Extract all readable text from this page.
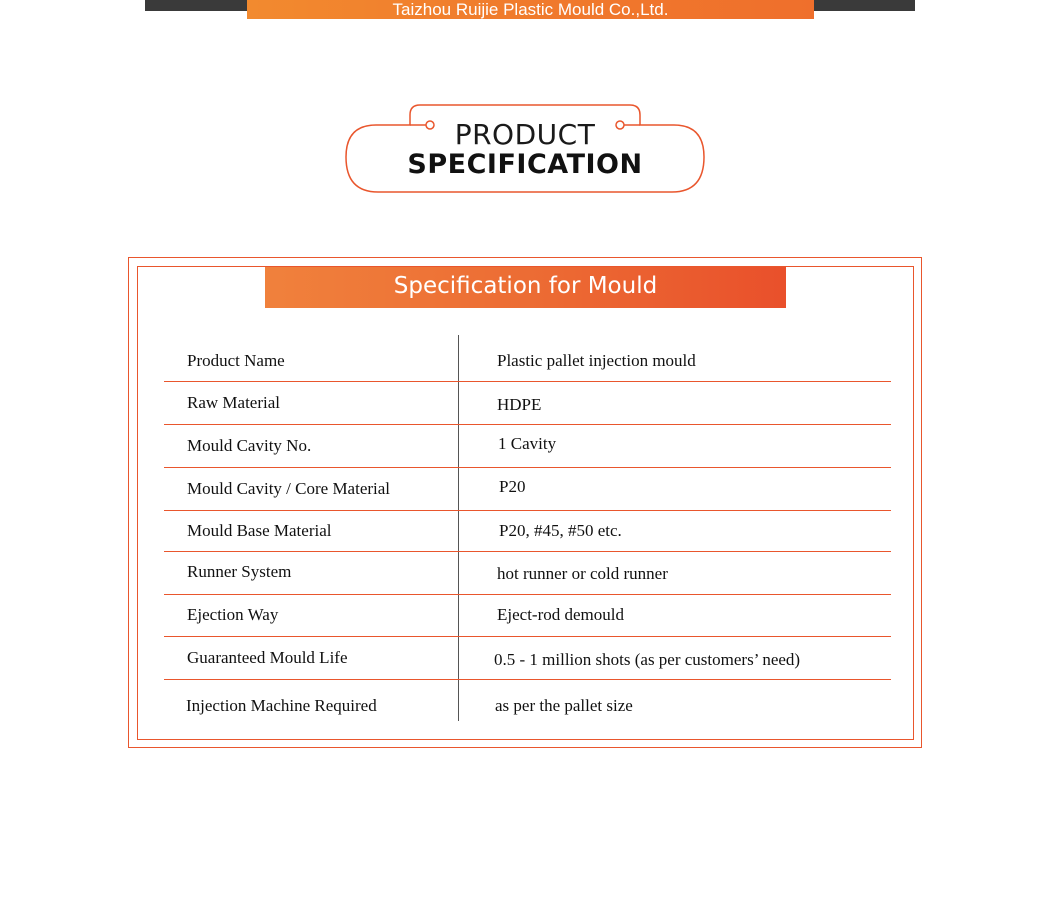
Taizhou Ruijie Plastic Mould Co.,Ltd.
PRODUCT
SPECIFICATION
Specification for Mould
Product Name	Plastic pallet injection mould
Raw Material	HDPE
Mould Cavity No.	1 Cavity
Mould Cavity / Core Material	P20
Mould Base Material	P20, #45, #50 etc.
Runner System	hot runner or cold runner
Ejection Way	Eject-rod demould
Guaranteed Mould Life	0.5 - 1 million shots (as per customers’ need)
Injection Machine Required	as per the pallet size
